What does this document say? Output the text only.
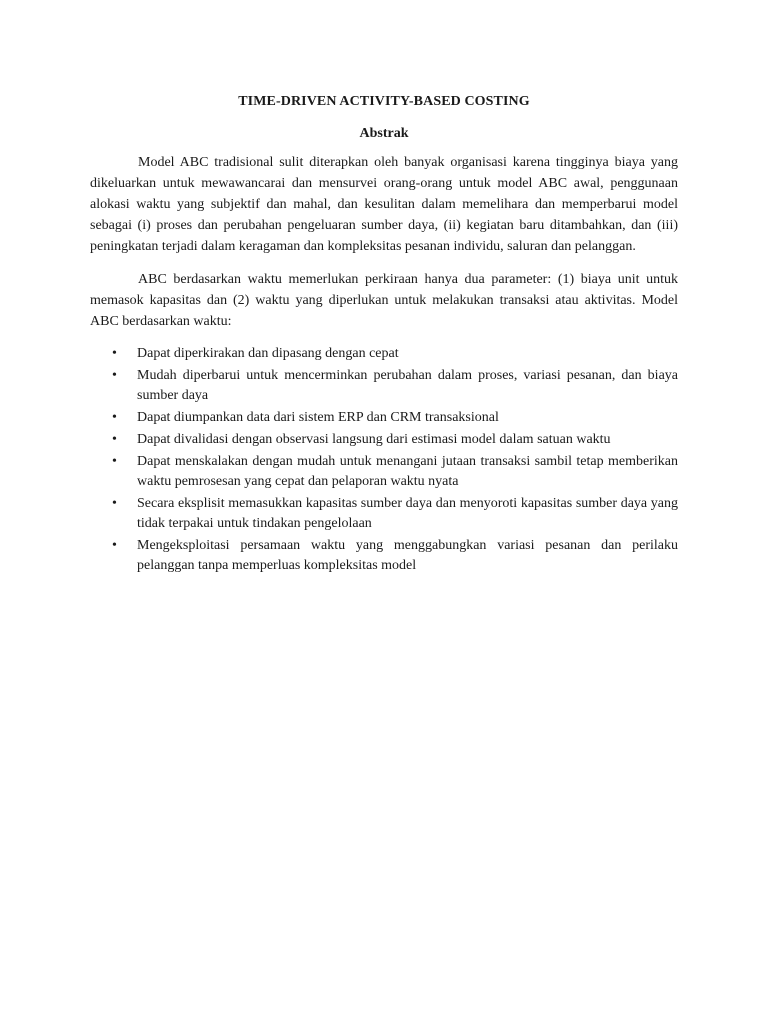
TIME-DRIVEN ACTIVITY-BASED COSTING
Abstrak

Model ABC tradisional sulit diterapkan oleh banyak organisasi karena tingginya biaya yang dikeluarkan untuk mewawancarai dan mensurvei orang-orang untuk model ABC awal, penggunaan alokasi waktu yang subjektif dan mahal, dan kesulitan dalam memelihara dan memperbarui model sebagai (i) proses dan perubahan pengeluaran sumber daya, (ii) kegiatan baru ditambahkan, dan (iii) peningkatan terjadi dalam keragaman dan kompleksitas pesanan individu, saluran dan pelanggan.

ABC berdasarkan waktu memerlukan perkiraan hanya dua parameter: (1) biaya unit untuk memasok kapasitas dan (2) waktu yang diperlukan untuk melakukan transaksi atau aktivitas. Model ABC berdasarkan waktu:

• Dapat diperkirakan dan dipasang dengan cepat
• Mudah diperbarui untuk mencerminkan perubahan dalam proses, variasi pesanan, dan biaya sumber daya
• Dapat diumpankan data dari sistem ERP dan CRM transaksional
• Dapat divalidasi dengan observasi langsung dari estimasi model dalam satuan waktu
• Dapat menskalakan dengan mudah untuk menangani jutaan transaksi sambil tetap memberikan waktu pemrosesan yang cepat dan pelaporan waktu nyata
• Secara eksplisit memasukkan kapasitas sumber daya dan menyoroti kapasitas sumber daya yang tidak terpakai untuk tindakan pengelolaan
• Mengeksploitasi persamaan waktu yang menggabungkan variasi pesanan dan perilaku pelanggan tanpa memperluas kompleksitas model
